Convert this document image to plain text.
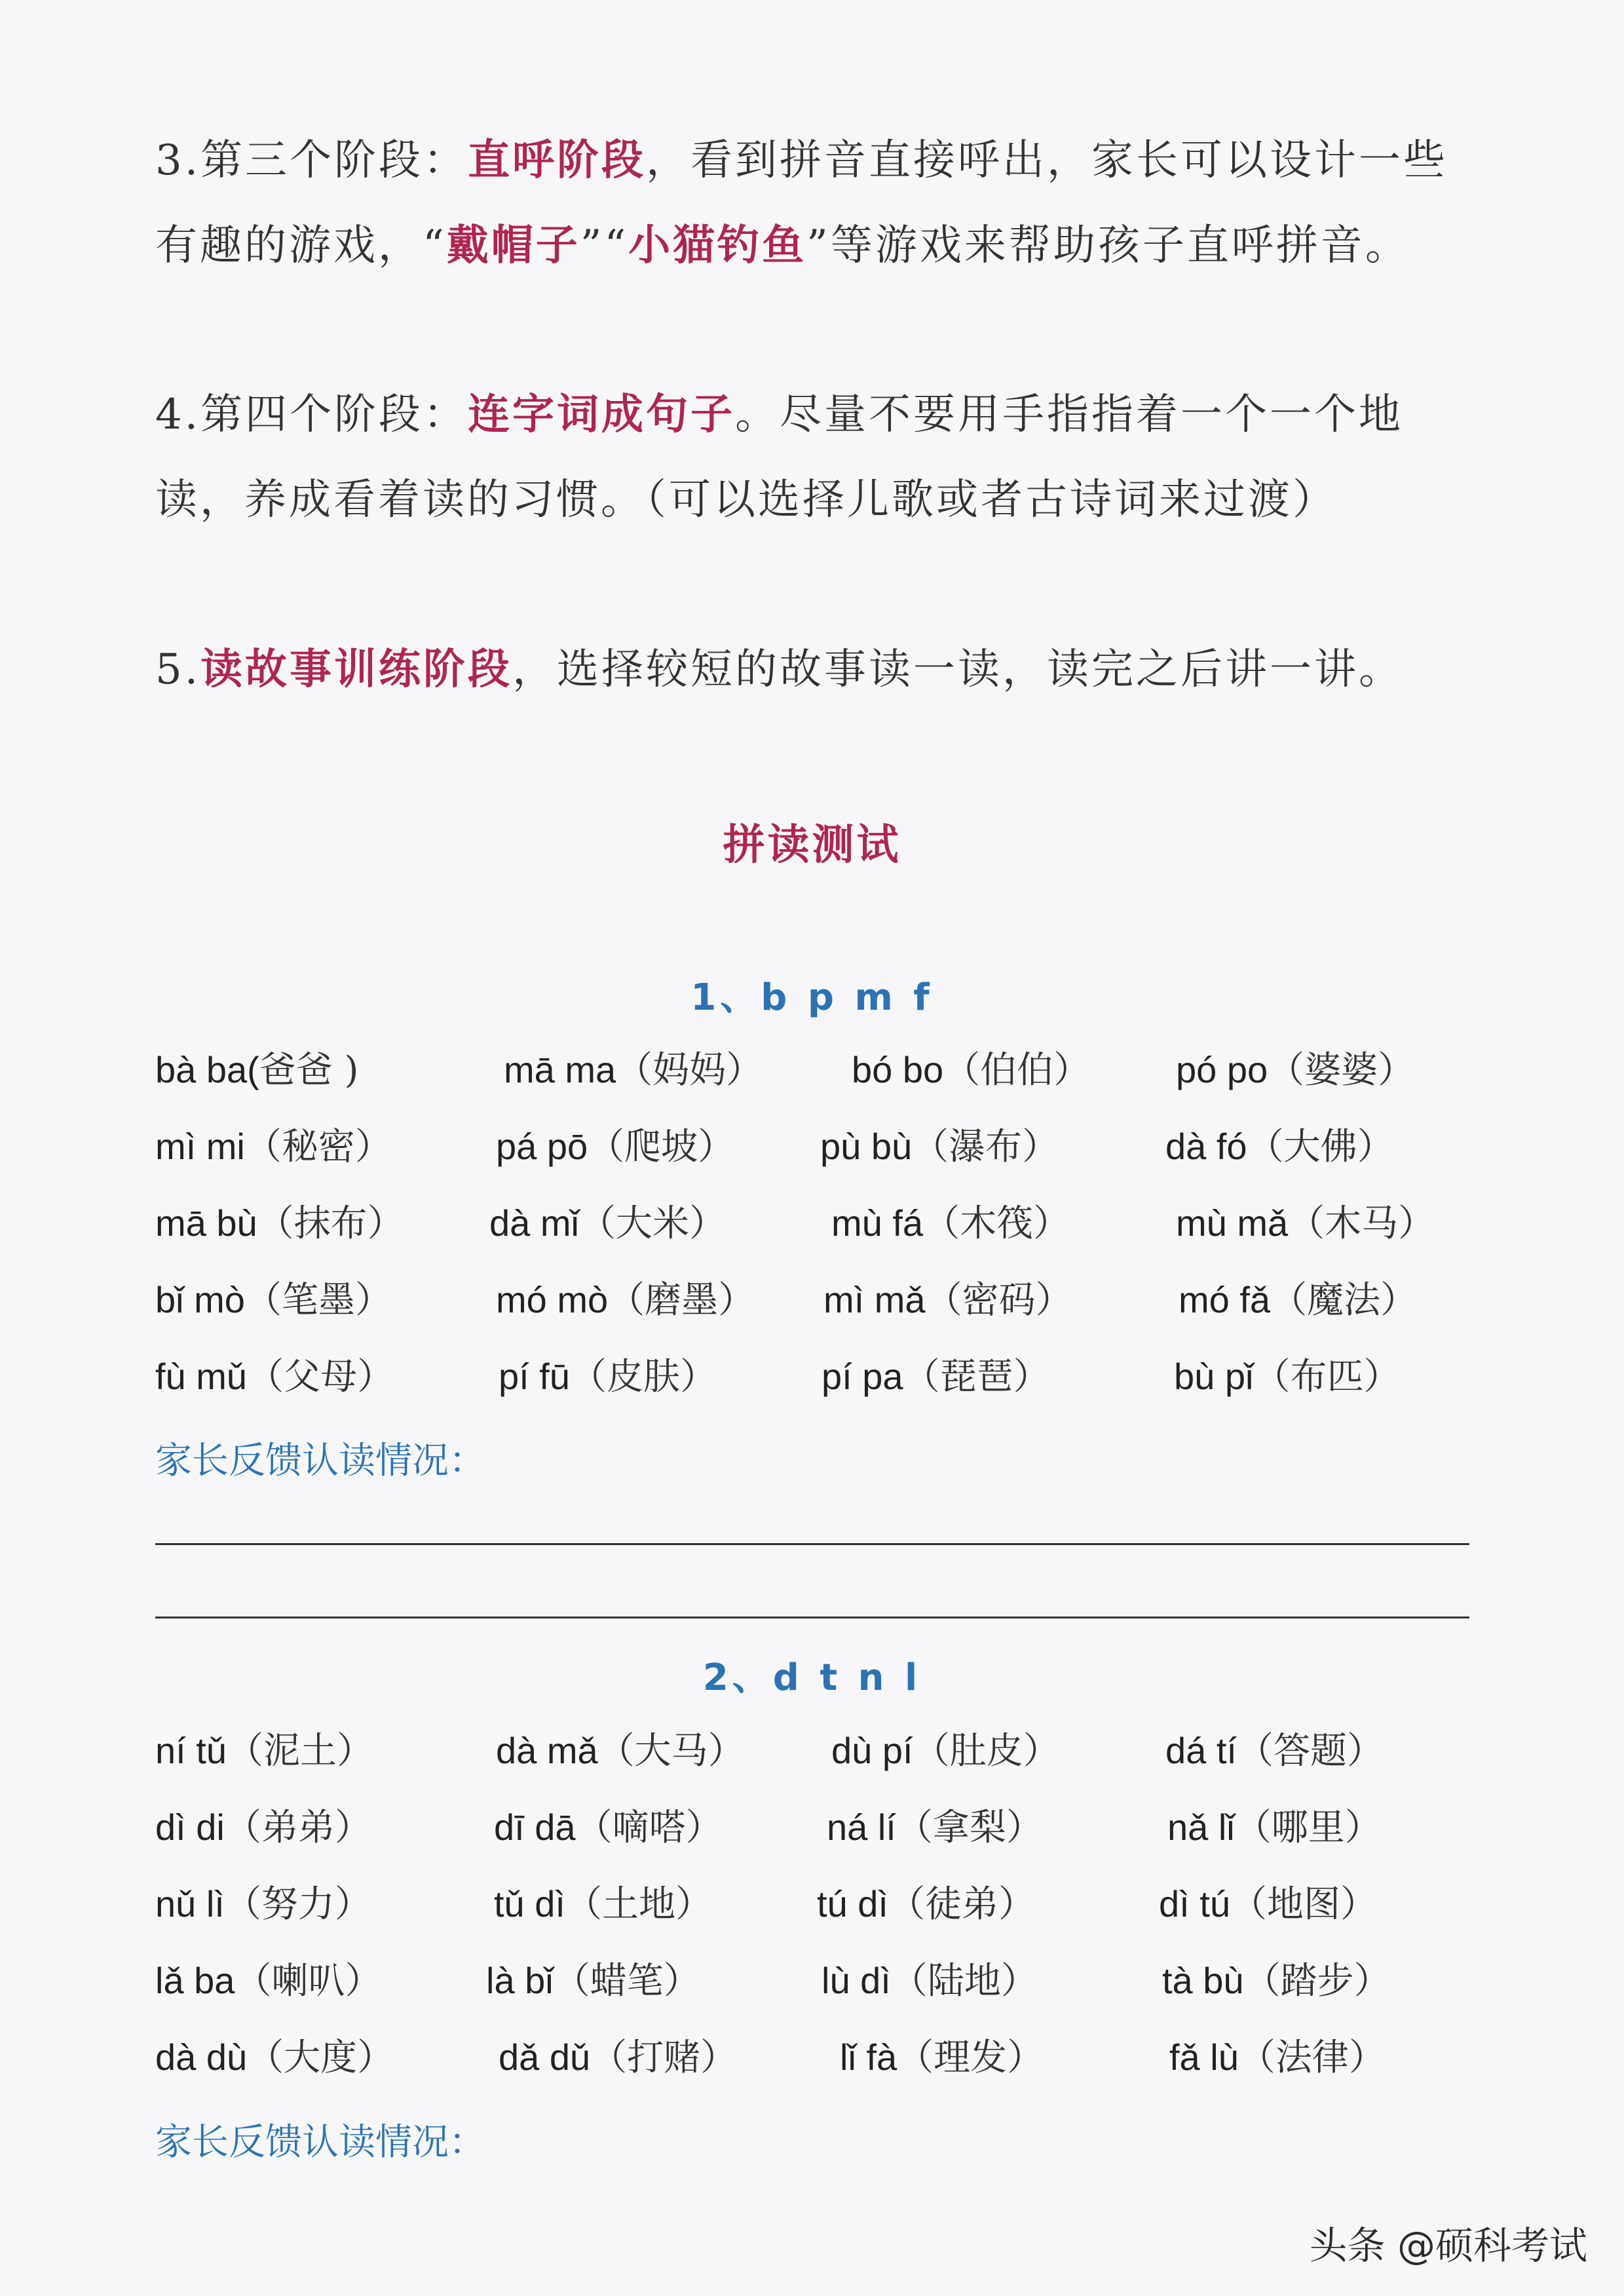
3.第三个阶段：直呼阶段，看到拼音直接呼出，家长可以设计一些有趣的游戏，“戴帽子”“小猫钓鱼”等游戏来帮助孩子直呼拼音。

4.第四个阶段：连字词成句子。尽量不要用手指指着一个一个地读，养成看着读的习惯。（可以选择儿歌或者古诗词来过渡）

5.读故事训练阶段，选择较短的故事读一读，读完之后讲一讲。

拼读测试
1、b p m f
bà ba(爸爸 )	mā ma（妈妈） bó bo（伯伯） pó po（婆婆）
mì mi（秘密）	pá pō（爬坡） pù bù（瀑布）	dà fó（大佛）
mā bù（抹布） dà mǐ（大米）	mù fá（木筏）	mù mǎ（木马）
bǐ mò（笔墨）	mó mò（磨墨） mì mǎ（密码）	mó fǎ（魔法）
fù mǔ（父母）	pí fū（皮肤）	pí pa（琵琶）	bù pǐ（布匹）
家长反馈认读情况：
2、d t n l
ní tǔ（泥土）	dà mǎ（大马） dù pí（肚皮）	dá tí（答题）
dì di（弟弟）	dī dā（嘀嗒）	ná lí（拿梨）	nǎ lǐ（哪里）
nǔ lì（努力）	tǔ dì（土地）	tú dì（徒弟）	dì tú（地图）
lǎ ba（喇叭）	là bǐ（蜡笔）	lù dì（陆地）	tà bù（踏步）
dà dù（大度）	dǎ dǔ（打赌）	lǐ fà（理发）	fǎ lù（法律）
家长反馈认读情况：
头条 @硕科考试
